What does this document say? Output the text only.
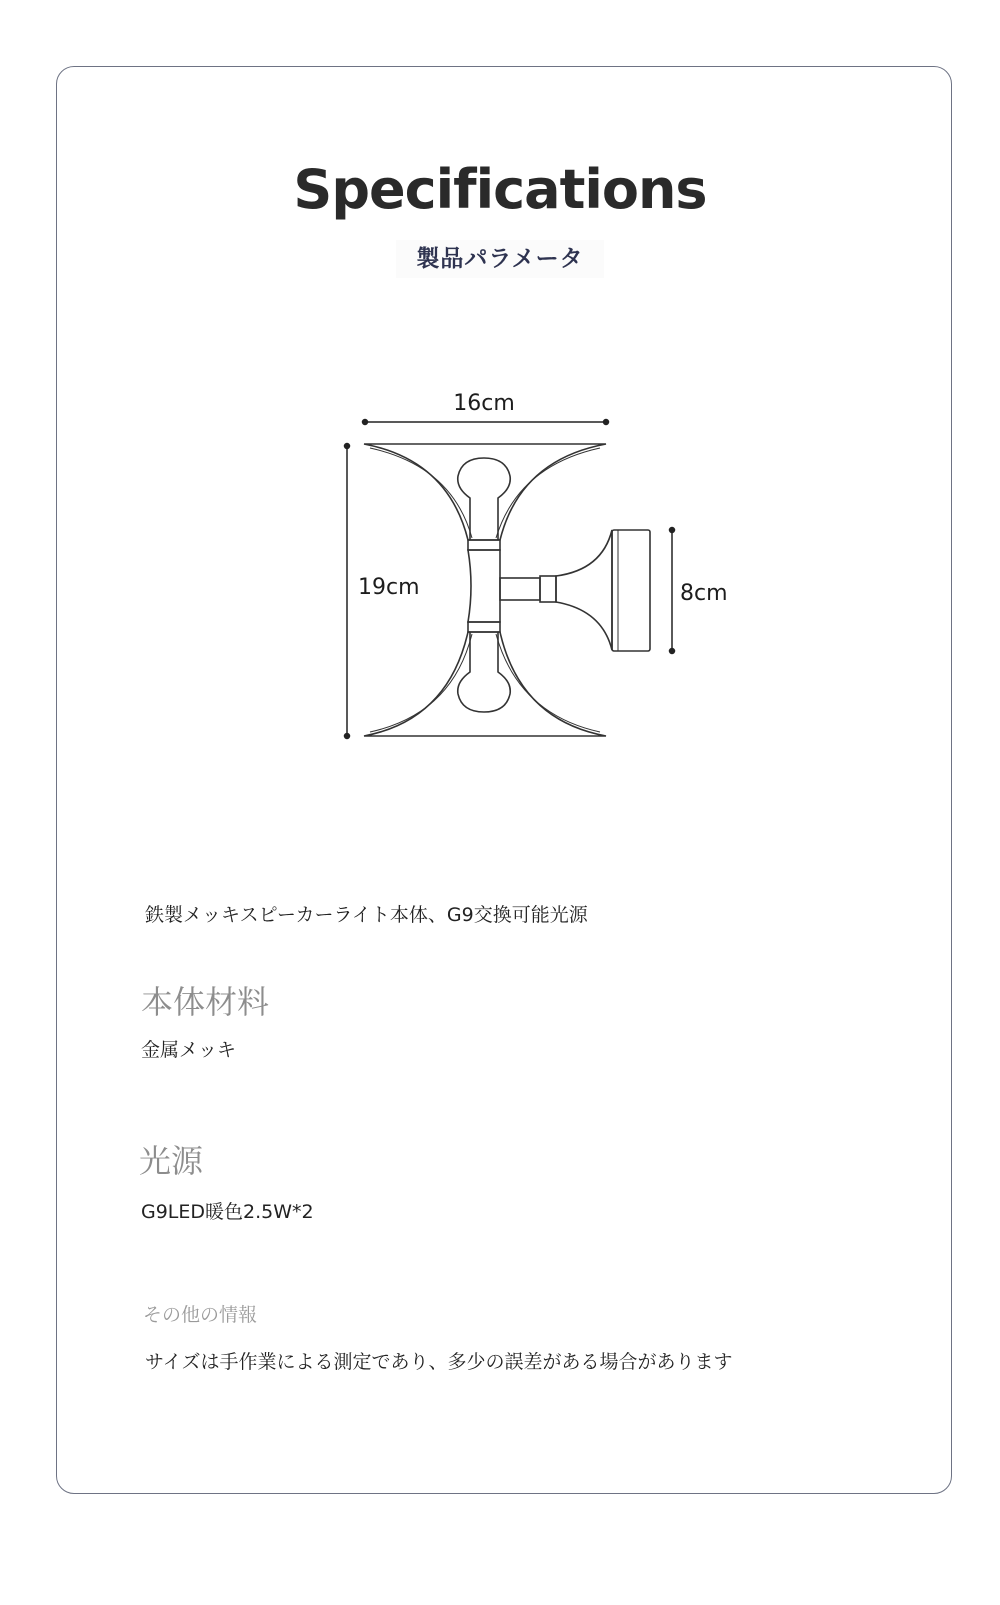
Specifications
製品パラメータ
16cm
19cm	8cm
鉄製メッキスピーカーライト本体、G9交換可能光源
本体材料
金属メッキ
光源
G9LED暖色2.5W*2
その他の情報
サイズは手作業による測定であり、多少の誤差がある場合があります
